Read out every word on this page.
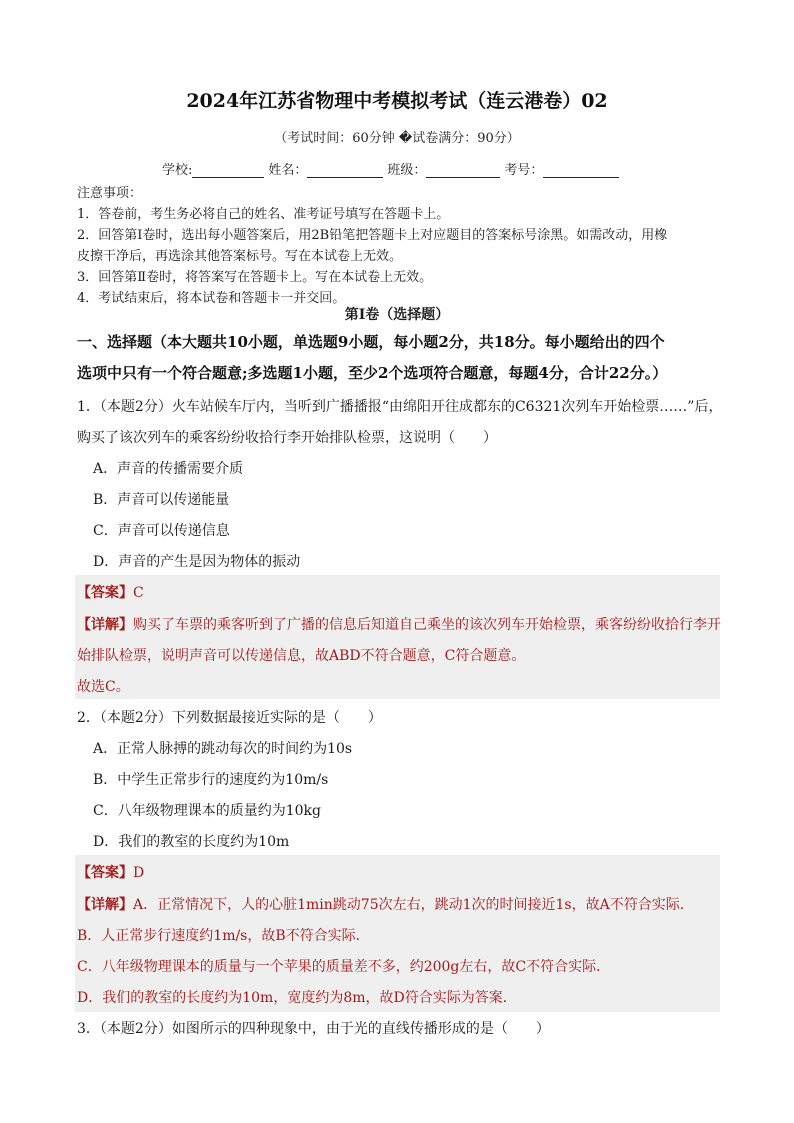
2024年江苏省物理中考模拟考试（连云港卷）02
（考试时间：60分钟 �试卷满分：90分）
学校:	姓名：	班级：	考号：
注意事项：
1．答卷前，考生务必将自己的姓名、准考证号填写在答题卡上。
2．回答第Ⅰ卷时，选出每小题答案后，用2B铅笔把答题卡上对应题目的答案标号涂黑。如需改动，用橡
皮擦干净后，再选涂其他答案标号。写在本试卷上无效。
3．回答第Ⅱ卷时，将答案写在答题卡上。写在本试卷上无效。
4．考试结束后，将本试卷和答题卡一并交回。
第Ⅰ卷（选择题）
一、选择题（本大题共10小题，单选题9小题，每小题2分，共18分。每小题给出的四个
选项中只有一个符合题意;多选题1小题，至少2个选项符合题意，每题4分，合计22分。）
1．（本题2分）火车站候车厅内，当听到广播播报“由绵阳开往成都东的C6321次列车开始检票……”后，
购买了该次列车的乘客纷纷收拾行李开始排队检票，这说明（　　）
A．声音的传播需要介质
B．声音可以传递能量
C．声音可以传递信息
D．声音的产生是因为物体的振动
【答案】C
【详解】购买了车票的乘客听到了广播的信息后知道自己乘坐的该次列车开始检票，乘客纷纷收拾行李开
始排队检票，说明声音可以传递信息，故ABD不符合题意，C符合题意。
故选C。
2．（本题2分）下列数据最接近实际的是（　　）
A．正常人脉搏的跳动每次的时间约为10s
B．中学生正常步行的速度约为10m/s
C．八年级物理课本的质量约为10kg
D．我们的教室的长度约为10m
【答案】D
【详解】A．正常情况下，人的心脏1min跳动75次左右，跳动1次的时间接近1s，故A不符合实际．
B．人正常步行速度约1m/s，故B不符合实际．
C．八年级物理课本的质量与一个苹果的质量差不多，约200g左右，故C不符合实际．
D．我们的教室的长度约为10m，宽度约为8m，故D符合实际为答案．
3．（本题2分）如图所示的四种现象中，由于光的直线传播形成的是（　　）
